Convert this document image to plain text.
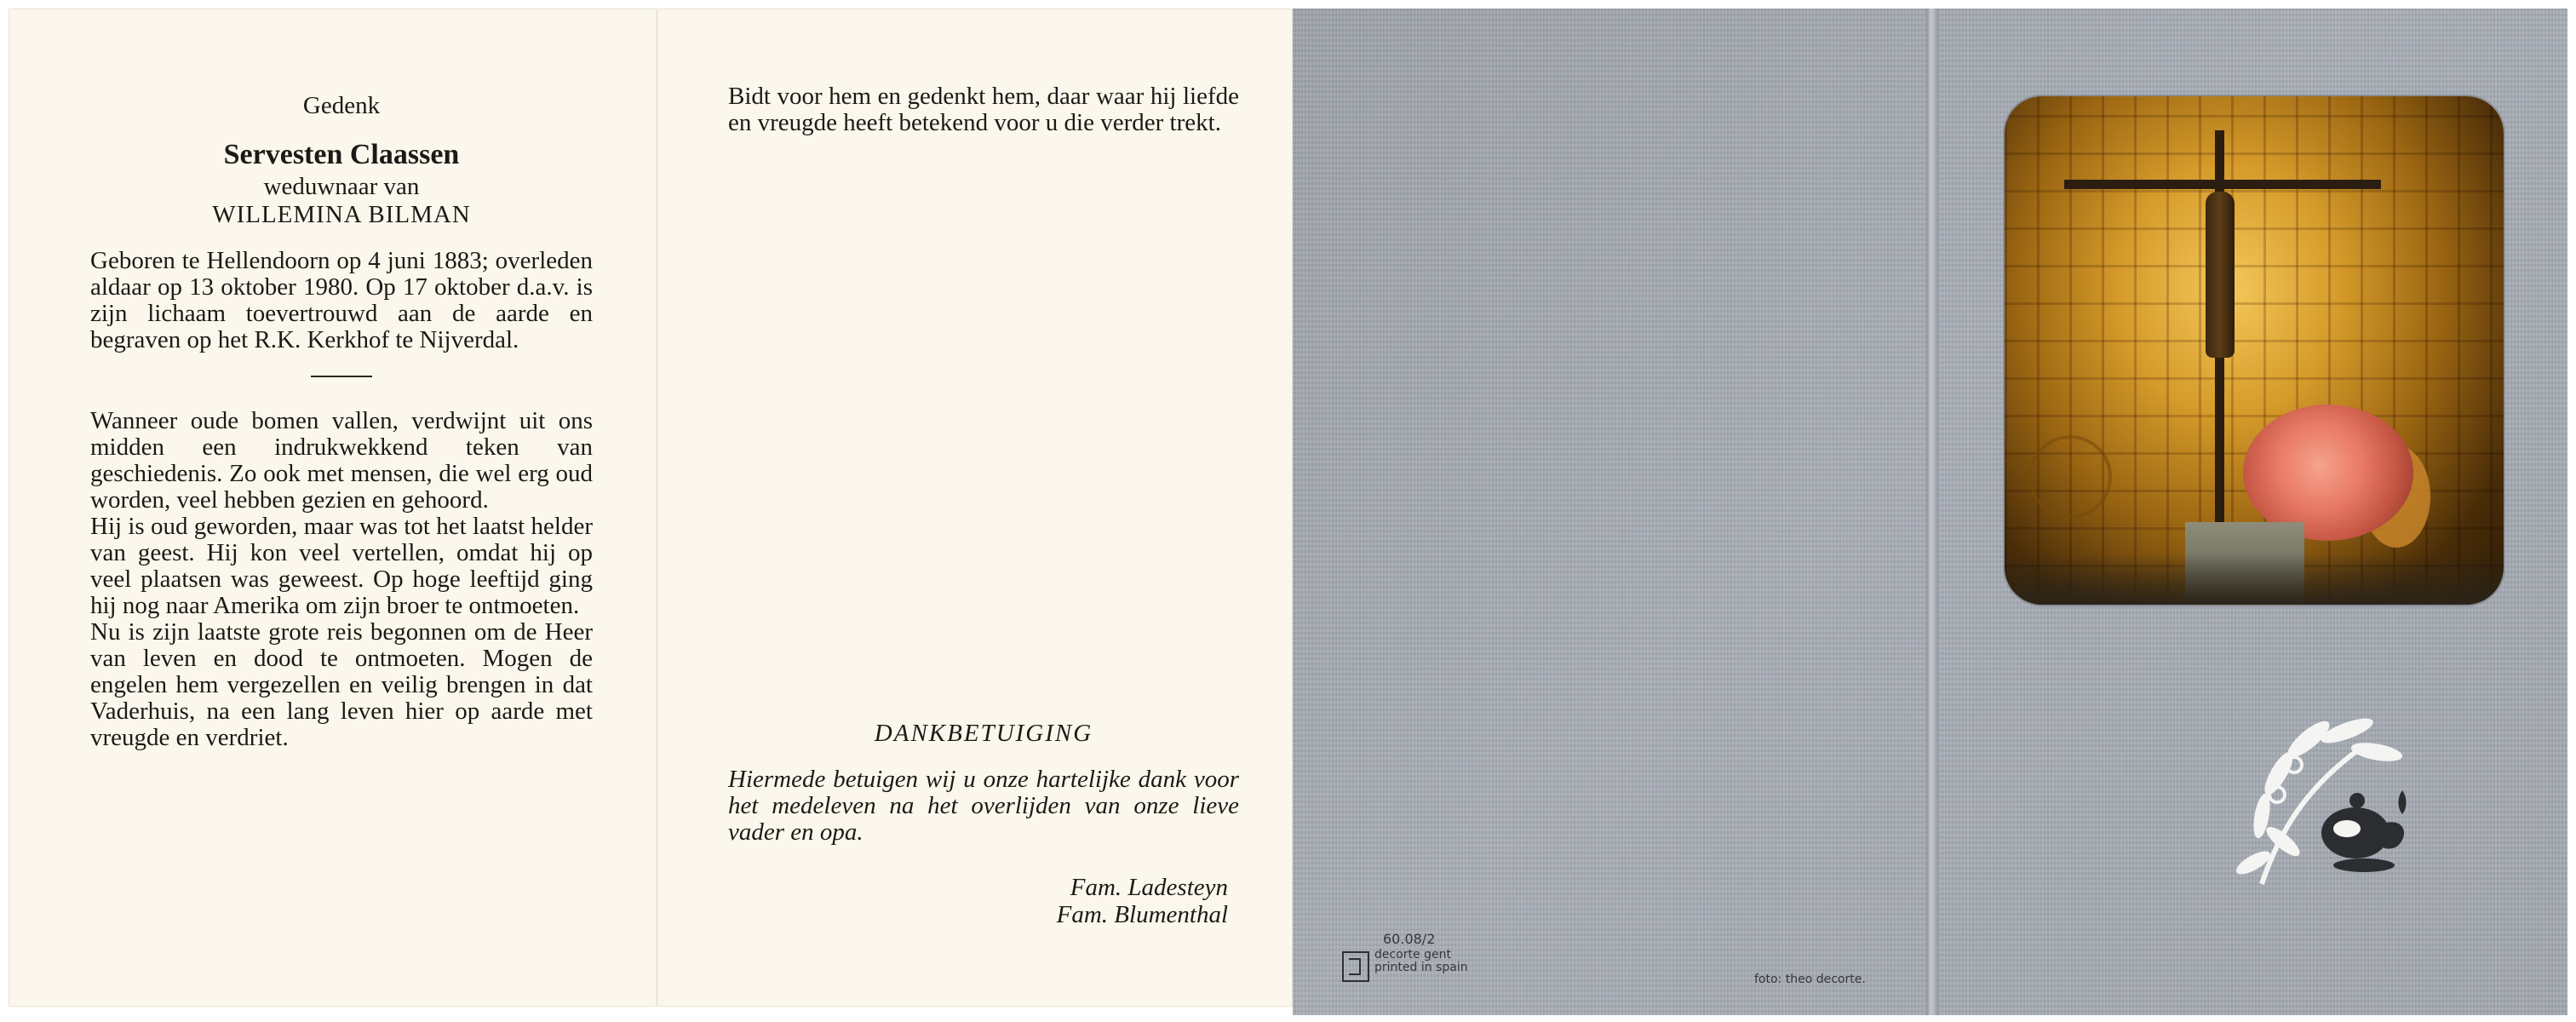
Gedenk
Servesten Claassen
weduwnaar van
WILLEMINA BILMAN

Geboren te Hellendoorn op 4 juni 1883; overleden aldaar op 13 oktober 1980. Op 17 oktober d.a.v. is zijn lichaam toevertrouwd aan de aarde en begraven op het R.K. Kerkhof te Nijverdal.

Wanneer oude bomen vallen, verdwijnt uit ons midden een indrukwekkend teken van geschiedenis. Zo ook met mensen, die wel erg oud worden, veel hebben gezien en gehoord.

Hij is oud geworden, maar was tot het laatst helder van geest. Hij kon veel vertellen, omdat hij op veel plaatsen was geweest. Op hoge leeftijd ging hij nog naar Amerika om zijn broer te ontmoeten.

Nu is zijn laatste grote reis begonnen om de Heer van leven en dood te ontmoeten. Mogen de engelen hem vergezellen en veilig brengen in dat Vaderhuis, na een lang leven hier op aarde met vreugde en verdriet.

Bidt voor hem en gedenkt hem, daar waar hij liefde en vreugde heeft betekend voor u die verder trekt.

DANKBETUIGING
Hiermede betuigen wij u onze hartelijke dank voor het medeleven na het overlijden van onze lieve vader en opa.
Fam. Ladesteyn
Fam. Blumenthal
60.08/2
decorte gent
printed in spain
foto: theo decorte.
